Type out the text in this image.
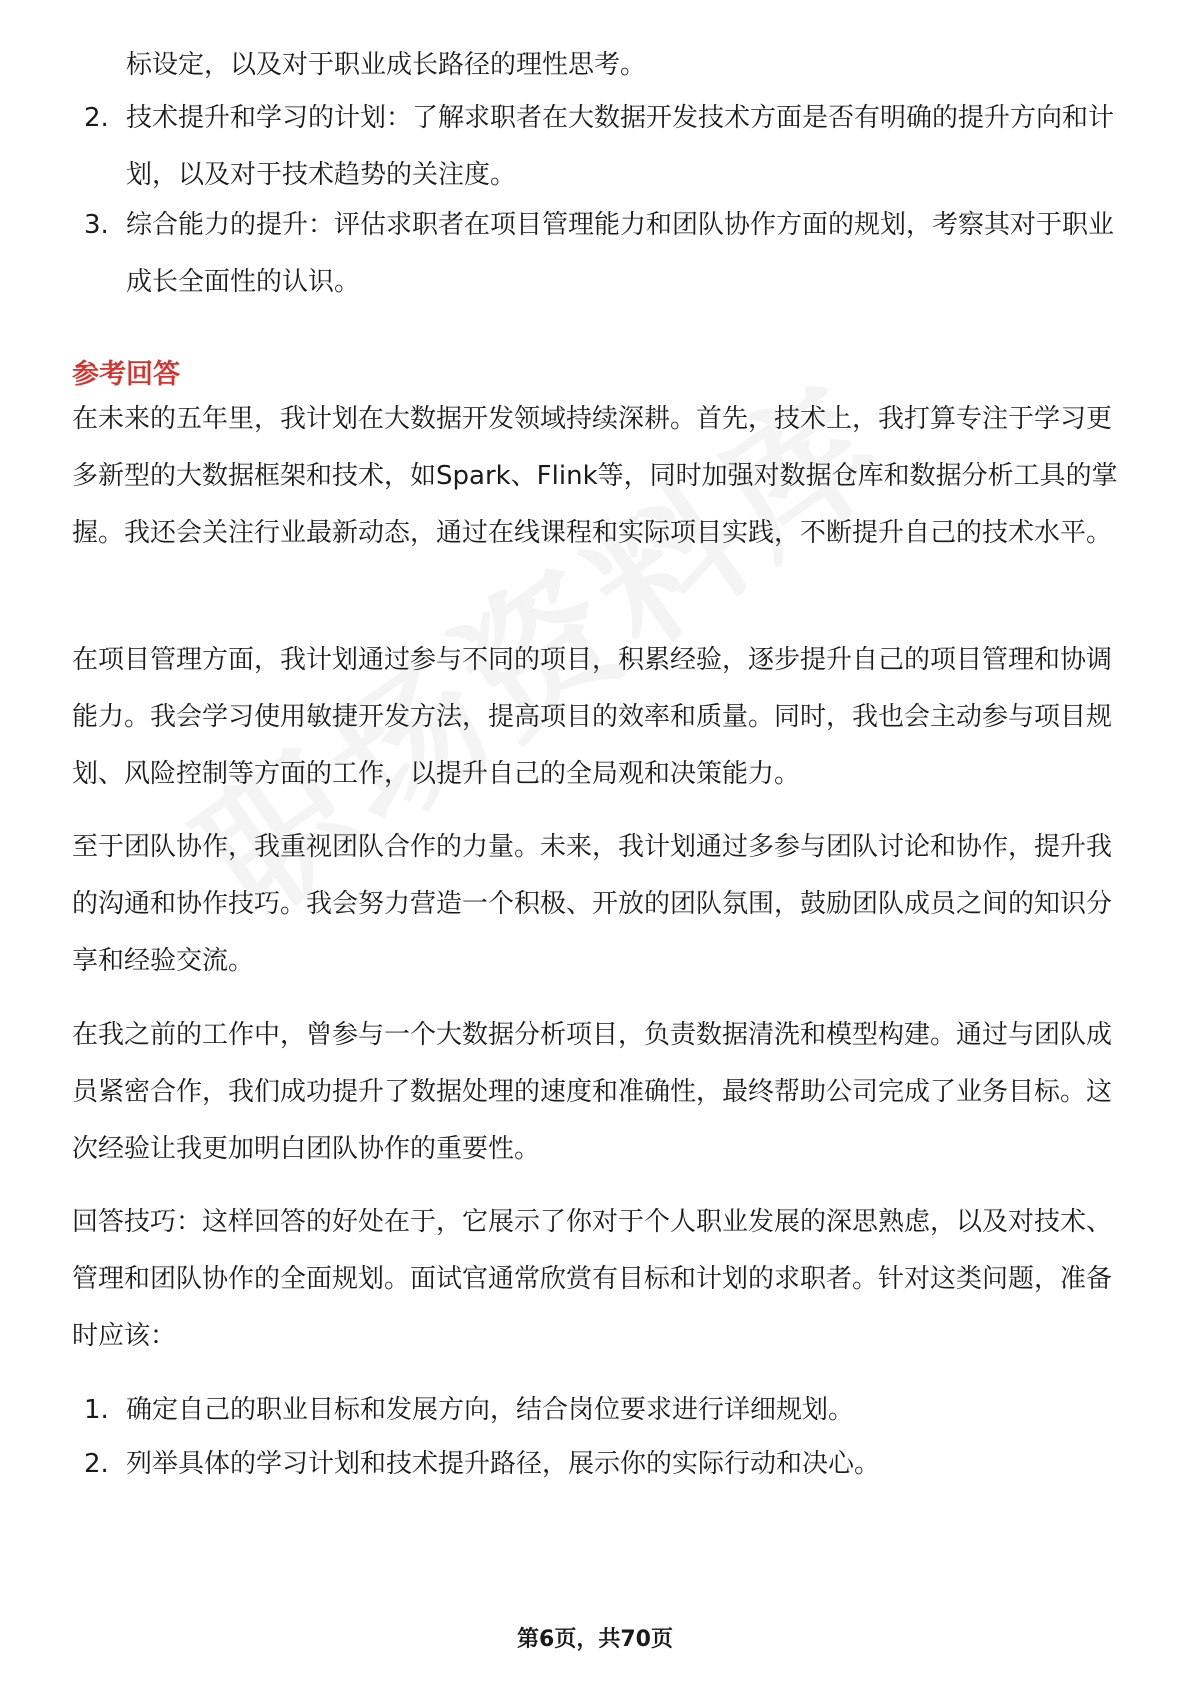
标设定，以及对于职业成长路径的理性思考。
2. 技术提升和学习的计划：了解求职者在大数据开发技术方面是否有明确的提升方向和计划，以及对于技术趋势的关注度。
3. 综合能力的提升：评估求职者在项目管理能力和团队协作方面的规划，考察其对于职业成长全面性的认识。
参考回答
在未来的五年里，我计划在大数据开发领域持续深耕。首先，技术上，我打算专注于学习更多新型的大数据框架和技术，如Spark、Flink等，同时加强对数据仓库和数据分析工具的掌握。我还会关注行业最新动态，通过在线课程和实际项目实践，不断提升自己的技术水平。
在项目管理方面，我计划通过参与不同的项目，积累经验，逐步提升自己的项目管理和协调能力。我会学习使用敏捷开发方法，提高项目的效率和质量。同时，我也会主动参与项目规划、风险控制等方面的工作，以提升自己的全局观和决策能力。
至于团队协作，我重视团队合作的力量。未来，我计划通过多参与团队讨论和协作，提升我的沟通和协作技巧。我会努力营造一个积极、开放的团队氛围，鼓励团队成员之间的知识分享和经验交流。
在我之前的工作中，曾参与一个大数据分析项目，负责数据清洗和模型构建。通过与团队成员紧密合作，我们成功提升了数据处理的速度和准确性，最终帮助公司完成了业务目标。这次经验让我更加明白团队协作的重要性。
回答技巧：这样回答的好处在于，它展示了你对于个人职业发展的深思熟虑，以及对技术、管理和团队协作的全面规划。面试官通常欣赏有目标和计划的求职者。针对这类问题，准备时应该：
1. 确定自己的职业目标和发展方向，结合岗位要求进行详细规划。
2. 列举具体的学习计划和技术提升路径，展示你的实际行动和决心。
第6页，共70页
